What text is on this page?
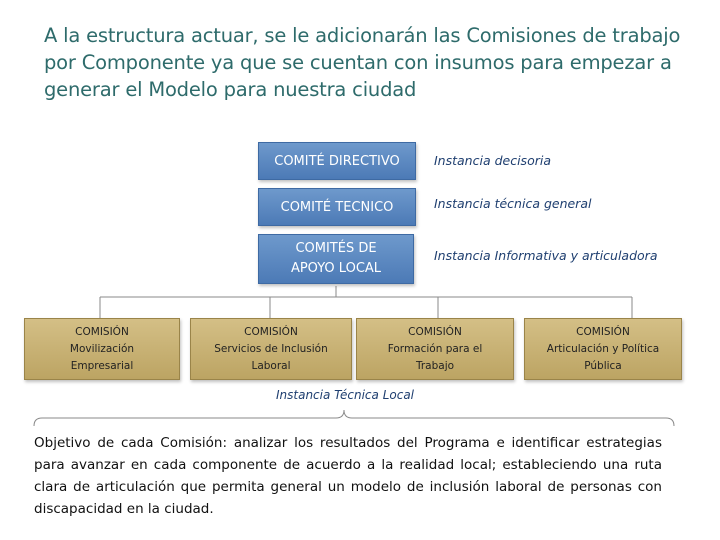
A la estructura actuar, se le adicionarán las Comisiones de trabajo por Componente ya que se cuentan con insumos para empezar a generar el Modelo para nuestra ciudad
COMITÉ DIRECTIVO	Instancia decisoria
COMITÉ TECNICO	Instancia técnica general
COMITÉS DE APOYO LOCAL
Instancia Informativa y articuladora
COMISIÓN
Movilización
Empresarial
COMISIÓN
Servicios de Inclusión
Laboral
COMISIÓN
Formación para el
Trabajo
COMISIÓN
Articulación y Política
Pública
Instancia Técnica Local
Objetivo de cada Comisión: analizar los resultados del Programa e identificar estrategias para avanzar en cada componente de acuerdo a la realidad local; estableciendo una ruta clara de articulación que permita general un modelo de inclusión laboral de personas con discapacidad en la ciudad.
